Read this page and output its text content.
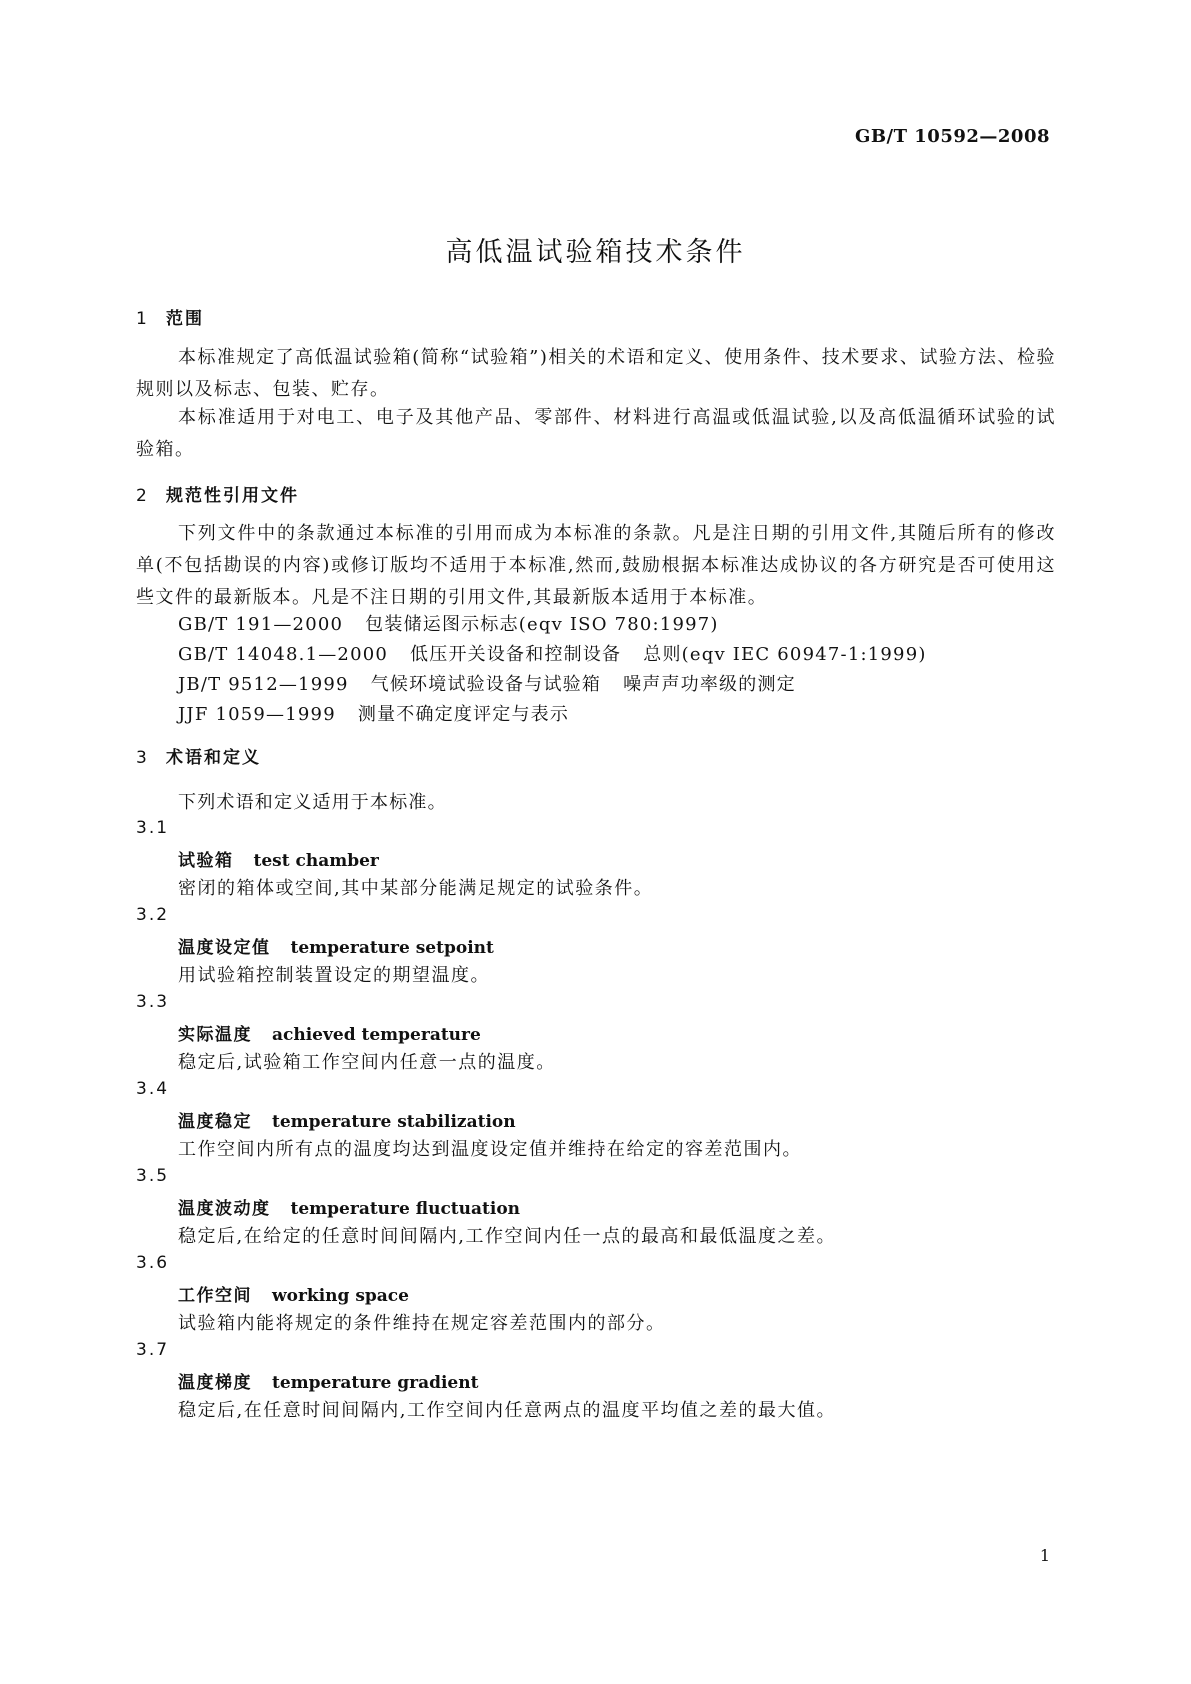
GB/T 10592—2008
高低温试验箱技术条件
1 范围
本标准规定了高低温试验箱(简称“试验箱”)相关的术语和定义、使用条件、技术要求、试验方法、检验规则以及标志、包装、贮存。
本标准适用于对电工、电子及其他产品、零部件、材料进行高温或低温试验,以及高低温循环试验的试验箱。
2 规范性引用文件
下列文件中的条款通过本标准的引用而成为本标准的条款。凡是注日期的引用文件,其随后所有的修改单(不包括勘误的内容)或修订版均不适用于本标准,然而,鼓励根据本标准达成协议的各方研究是否可使用这些文件的最新版本。凡是不注日期的引用文件,其最新版本适用于本标准。
GB/T 191—2000 包装储运图示标志(eqv ISO 780:1997)
GB/T 14048.1—2000 低压开关设备和控制设备 总则(eqv IEC 60947-1:1999)
JB/T 9512—1999 气候环境试验设备与试验箱 噪声声功率级的测定
JJF 1059—1999 测量不确定度评定与表示
3 术语和定义
下列术语和定义适用于本标准。
3.1
试验箱 test chamber
密闭的箱体或空间,其中某部分能满足规定的试验条件。
3.2
温度设定值 temperature setpoint
用试验箱控制装置设定的期望温度。
3.3
实际温度 achieved temperature
稳定后,试验箱工作空间内任意一点的温度。
3.4
温度稳定 temperature stabilization
工作空间内所有点的温度均达到温度设定值并维持在给定的容差范围内。
3.5
温度波动度 temperature fluctuation
稳定后,在给定的任意时间间隔内,工作空间内任一点的最高和最低温度之差。
3.6
工作空间 working space
试验箱内能将规定的条件维持在规定容差范围内的部分。
3.7
温度梯度 temperature gradient
稳定后,在任意时间间隔内,工作空间内任意两点的温度平均值之差的最大值。
1
